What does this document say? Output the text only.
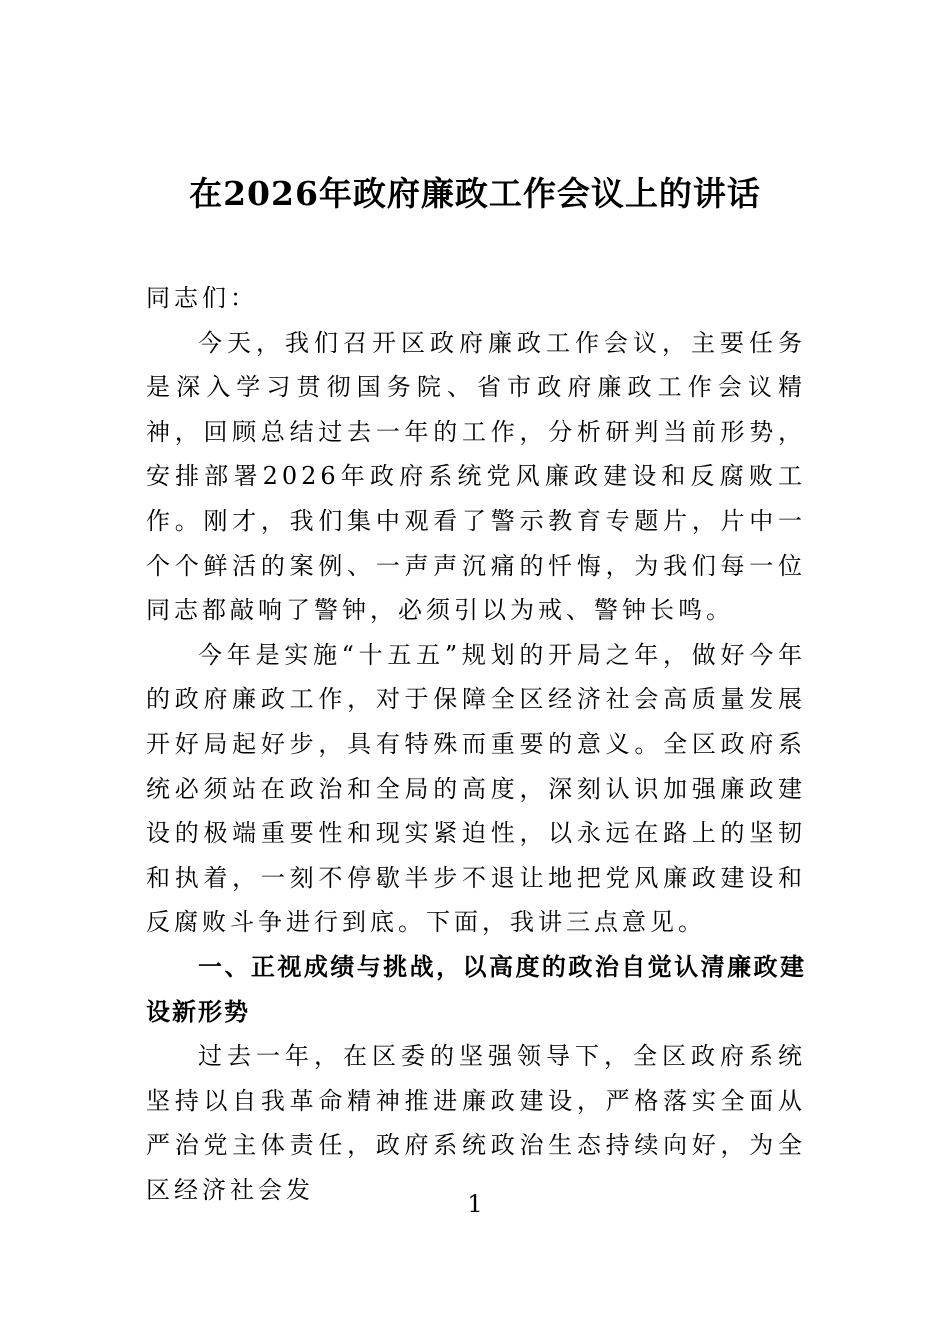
在2026年政府廉政工作会议上的讲话

同志们：

今天，我们召开区政府廉政工作会议，主要任务是深入学习贯彻国务院、省市政府廉政工作会议精神，回顾总结过去一年的工作，分析研判当前形势，安排部署2026年政府系统党风廉政建设和反腐败工作。刚才，我们集中观看了警示教育专题片，片中一个个鲜活的案例、一声声沉痛的忏悔，为我们每一位同志都敲响了警钟，必须引以为戒、警钟长鸣。

今年是实施“十五五”规划的开局之年，做好今年的政府廉政工作，对于保障全区经济社会高质量发展开好局起好步，具有特殊而重要的意义。全区政府系统必须站在政治和全局的高度，深刻认识加强廉政建设的极端重要性和现实紧迫性，以永远在路上的坚韧和执着，一刻不停歇半步不退让地把党风廉政建设和反腐败斗争进行到底。下面，我讲三点意见。

一、正视成绩与挑战，以高度的政治自觉认清廉政建设新形势

过去一年，在区委的坚强领导下，全区政府系统坚持以自我革命精神推进廉政建设，严格落实全面从严治党主体责任，政府系统政治生态持续向好，为全区经济社会发

1
